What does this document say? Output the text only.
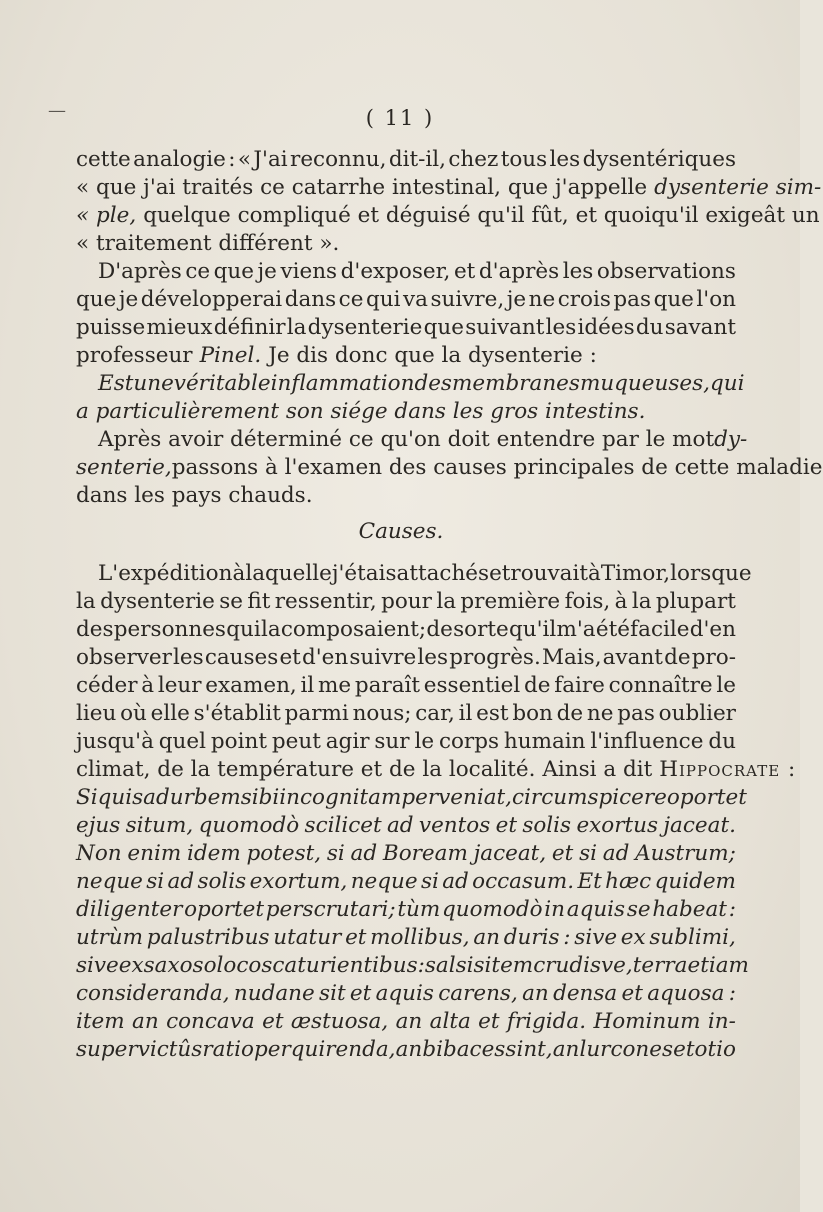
—	( 11 )
cette analogie : « J'ai reconnu, dit-il, chez tous les dysentériques
« que j'ai traités ce catarrhe intestinal, que j'appelle dysenterie sim-
« ple, quelque compliqué et déguisé qu'il fût, et quoiqu'il exigeât un
« traitement différent ».
D'après ce que je viens d'exposer, et d'après les observations
que je développerai dans ce qui va suivre, je ne crois pas que l'on
puisse mieux définir la dysenterie que suivant les idées du savant
professeur Pinel. Je dis donc que la dysenterie :
Est une véritable inflammation des membranes muqueuses, qui
a particulièrement son siége dans les gros intestins.
Après avoir déterminé ce qu'on doit entendre par le mot dy-
senterie, passons à l'examen des causes principales de cette maladie
dans les pays chauds.
Causes.
L'expédition à laquelle j'étais attaché se trouvait à Timor, lorsque
la dysenterie se fit ressentir, pour la première fois, à la plupart
des personnes qui la composaient; de sorte qu'il m'a été facile d'en
observer les causes et d'en suivre les progrès. Mais, avant de pro-
céder à leur examen, il me paraît essentiel de faire connaître le
lieu où elle s'établit parmi nous; car, il est bon de ne pas oublier
jusqu'à quel point peut agir sur le corps humain l'influence du
climat, de la température et de la localité. Ainsi a dit Hippocrate :
Si quis ad urbem sibi incognitam perveniat, circumspicere oportet
ejus situm, quomodò scilicet ad ventos et solis exortus jaceat.
Non enim idem potest, si ad Boream jaceat, et si ad Austrum;
neque si ad solis exortum, neque si ad occasum. Et hæc quidem
diligenter oportet perscrutari; tùm quomodò in aquis se habeat :
utrùm palustribus utatur et mollibus, an duris : sive ex sublimi,
sive ex saxoso loco scaturientibus : salsis item crudisve, terra etiam
consideranda, nudane sit et aquis carens, an densa et aquosa :
item an concava et æstuosa, an alta et frigida. Hominum in-
super victûs ratio perquirenda, an bibaces sint, an lurcones et otio
